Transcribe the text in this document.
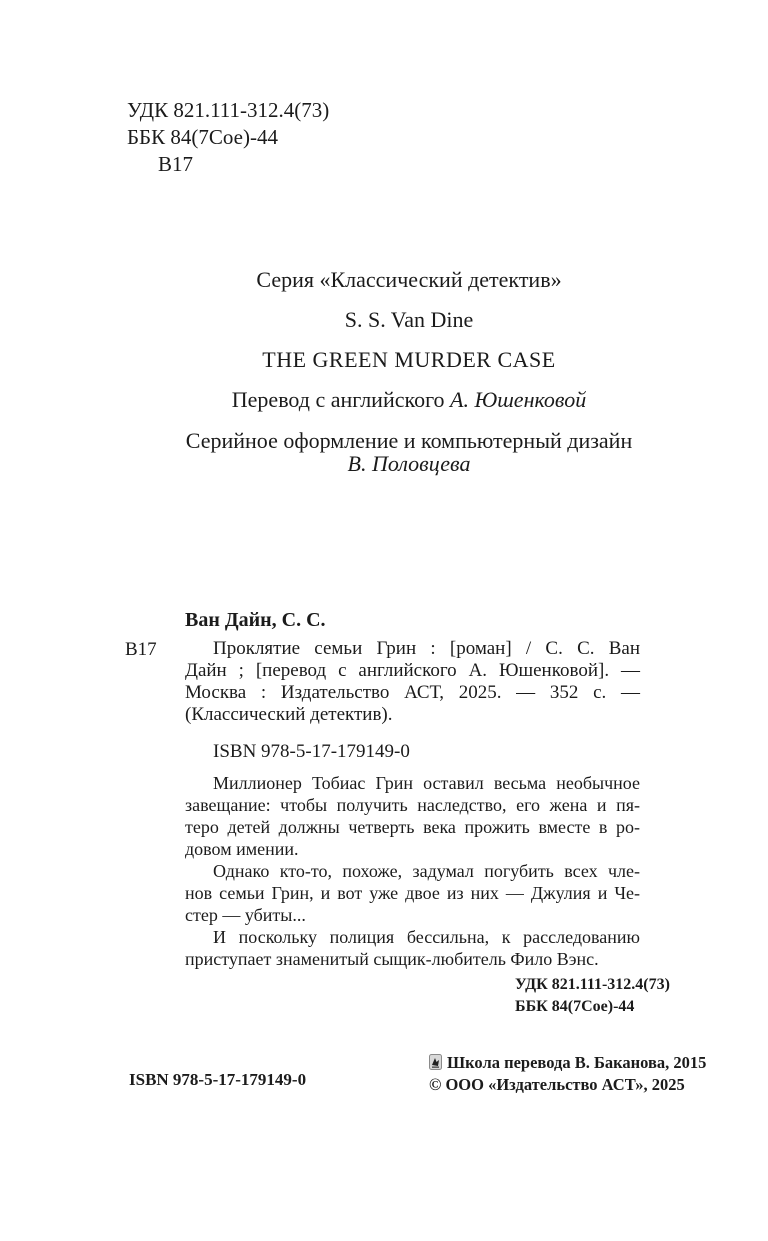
УДК 821.111-312.4(73)
ББК 84(7Сое)-44
В17
Серия «Классический детектив»
S. S. Van Dine
THE GREEN MURDER CASE
Перевод с английского А. Юшенковой
Серийное оформление и компьютерный дизайн
В. Половцева
Ван Дайн, С. С.
В17	Проклятие семьи Грин : [роман] / С. С. Ван
Дайн ; [перевод с английского А. Юшенковой]. —
Москва : Издательство АСТ, 2025. — 352 с. —
(Классический детектив).
ISBN 978-5-17-179149-0
Миллионер Тобиас Грин оставил весьма необычное
завещание: чтобы получить наследство, его жена и пя-
теро детей должны четверть века прожить вместе в ро-
довом имении.
Однако кто-то, похоже, задумал погубить всех чле-
нов семьи Грин, и вот уже двое из них — Джулия и Че-
стер — убиты...
И поскольку полиция бессильна, к расследованию
приступает знаменитый сыщик-любитель Фило Вэнс.
УДК 821.111-312.4(73)
ББК 84(7Сое)-44
ISBN 978-5-17-179149-0
Школа перевода В. Баканова, 2015
© ООО «Издательство АСТ», 2025
